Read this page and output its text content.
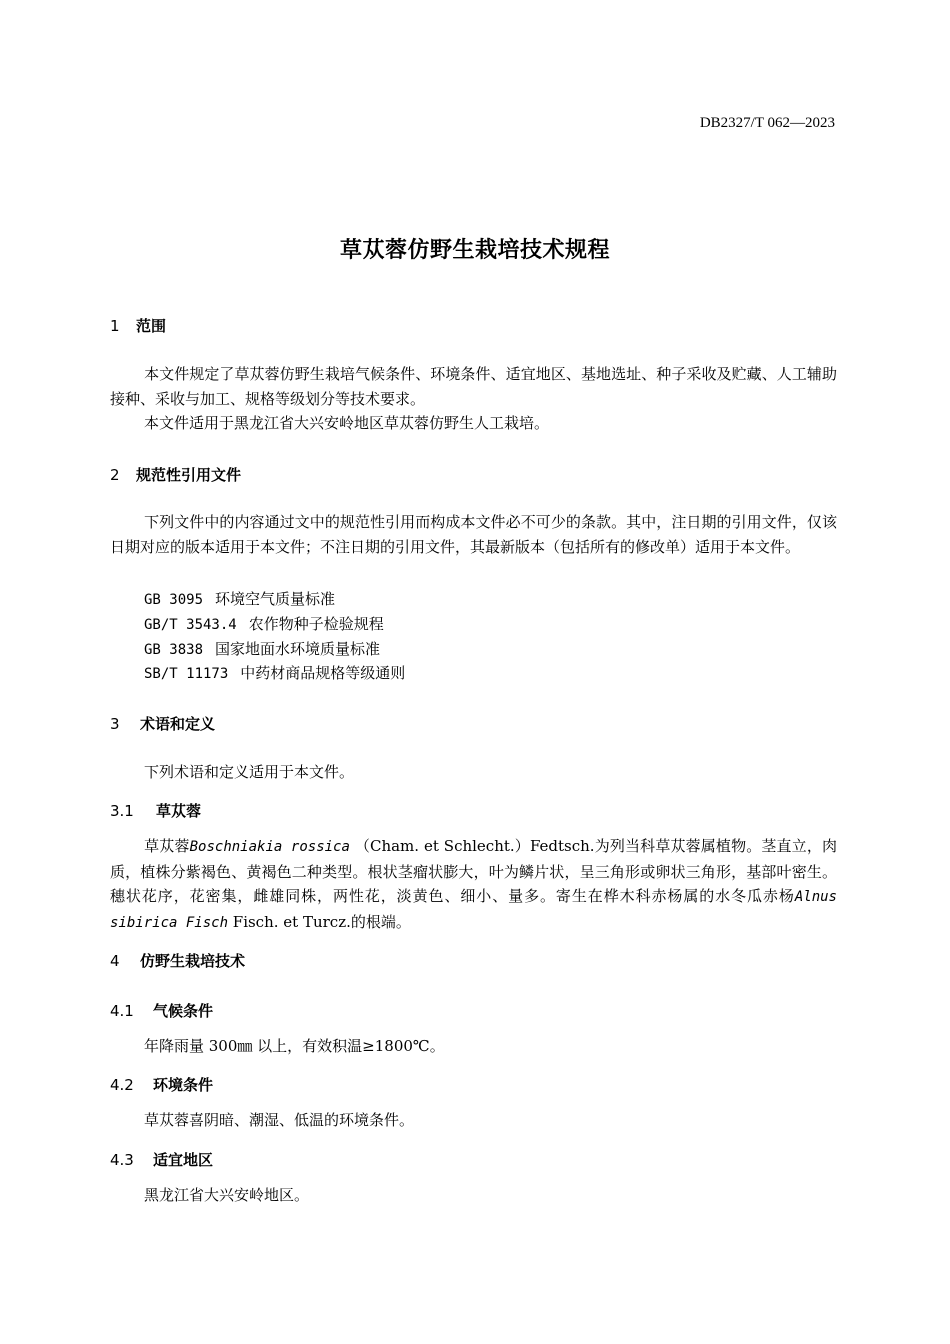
DB2327/T 062—2023
草苁蓉仿野生栽培技术规程
1 范围
本文件规定了草苁蓉仿野生栽培气候条件、环境条件、适宜地区、基地选址、种子采收及贮藏、人工辅助接种、采收与加工、规格等级划分等技术要求。
本文件适用于黑龙江省大兴安岭地区草苁蓉仿野生人工栽培。
2 规范性引用文件
下列文件中的内容通过文中的规范性引用而构成本文件必不可少的条款。其中，注日期的引用文件，仅该日期对应的版本适用于本文件；不注日期的引用文件，其最新版本（包括所有的修改单）适用于本文件。
GB 3095 环境空气质量标准
GB/T 3543.4 农作物种子检验规程
GB 3838 国家地面水环境质量标准
SB/T 11173 中药材商品规格等级通则
3 术语和定义
下列术语和定义适用于本文件。
3.1 草苁蓉
草苁蓉Boschniakia rossica （Cham. et Schlecht.）Fedtsch.为列当科草苁蓉属植物。茎直立，肉质，植株分紫褐色、黄褐色二种类型。根状茎瘤状膨大，叶为鳞片状，呈三角形或卵状三角形，基部叶密生。穗状花序，花密集，雌雄同株，两性花，淡黄色、细小、量多。寄生在桦木科赤杨属的水冬瓜赤杨Alnus sibirica Fisch Fisch. et Turcz.的根端。
4 仿野生栽培技术
4.1 气候条件
年降雨量 300㎜ 以上，有效积温≥1800℃。
4.2 环境条件
草苁蓉喜阴暗、潮湿、低温的环境条件。
4.3 适宜地区
黑龙江省大兴安岭地区。
